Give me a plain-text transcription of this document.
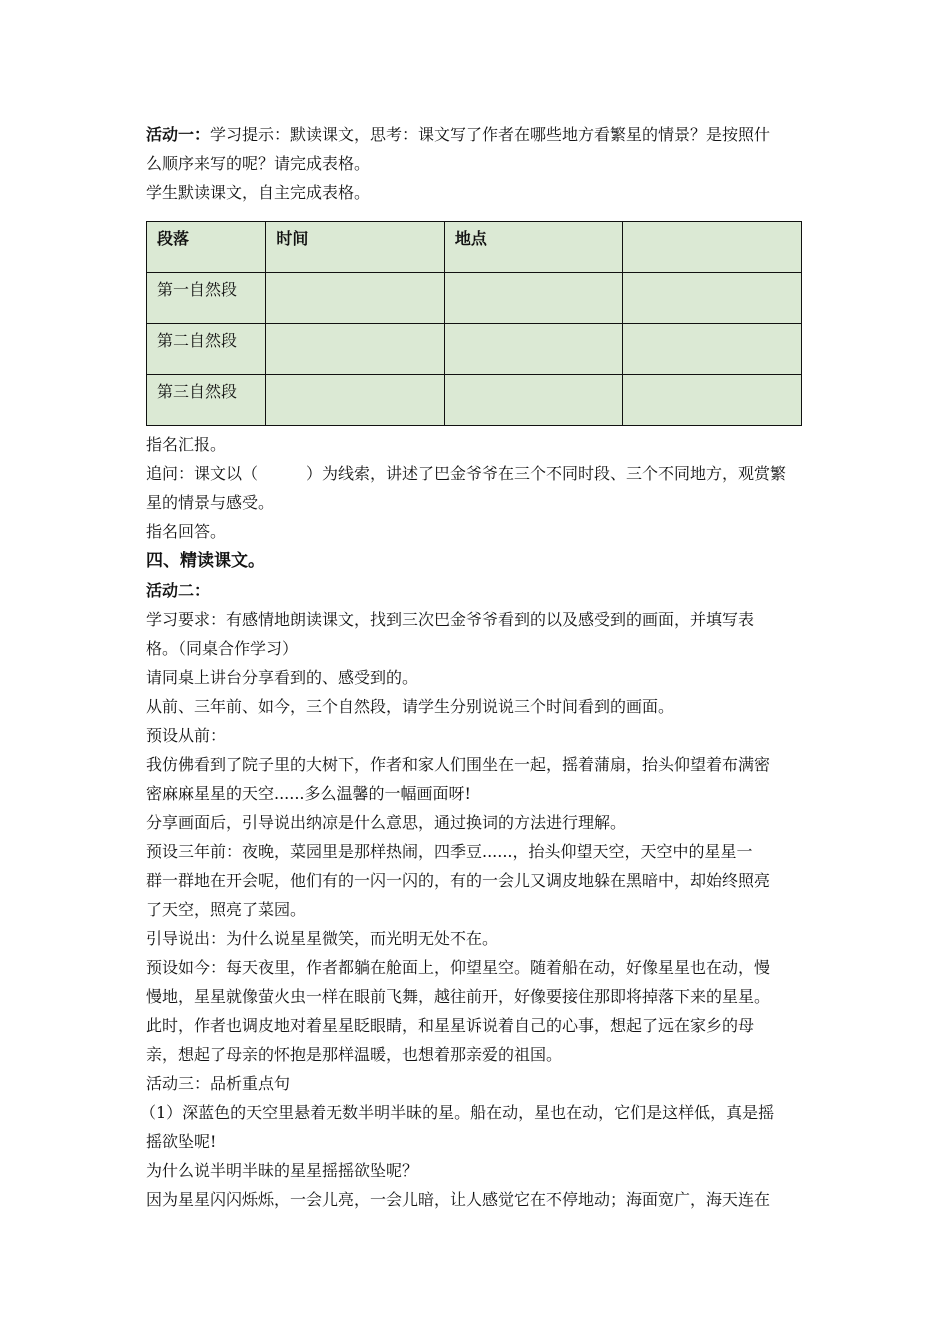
活动一：学习提示：默读课文，思考：课文写了作者在哪些地方看繁星的情景？是按照什

么顺序来写的呢？请完成表格。

学生默读课文，自主完成表格。

段落	时间	地点	
第一自然段			
第二自然段			
第三自然段			

指名汇报。

追问：课文以（　　　）为线索，讲述了巴金爷爷在三个不同时段、三个不同地方，观赏繁

星的情景与感受。

指名回答。

四、精读课文。

活动二：

学习要求：有感情地朗读课文，找到三次巴金爷爷看到的以及感受到的画面，并填写表

格。（同桌合作学习）

请同桌上讲台分享看到的、感受到的。

从前、三年前、如今，三个自然段，请学生分别说说三个时间看到的画面。

预设从前：

我仿佛看到了院子里的大树下，作者和家人们围坐在一起，摇着蒲扇，抬头仰望着布满密

密麻麻星星的天空......多么温馨的一幅画面呀!

分享画面后，引导说出纳凉是什么意思，通过换词的方法进行理解。

预设三年前：夜晚，菜园里是那样热闹，四季豆......，抬头仰望天空，天空中的星星一

群一群地在开会呢，他们有的一闪一闪的，有的一会儿又调皮地躲在黑暗中，却始终照亮

了天空，照亮了菜园。

引导说出：为什么说星星微笑，而光明无处不在。

预设如今：每天夜里，作者都躺在舱面上，仰望星空。随着船在动，好像星星也在动，慢

慢地，星星就像萤火虫一样在眼前飞舞，越往前开，好像要接住那即将掉落下来的星星。

此时，作者也调皮地对着星星眨眼睛，和星星诉说着自己的心事，想起了远在家乡的母

亲，想起了母亲的怀抱是那样温暖，也想着那亲爱的祖国。

活动三：品析重点句

（1）深蓝色的天空里悬着无数半明半昧的星。船在动，星也在动，它们是这样低，真是摇

摇欲坠呢!

为什么说半明半昧的星星摇摇欲坠呢？

因为星星闪闪烁烁，一会儿亮，一会儿暗，让人感觉它在不停地动；海面宽广，海天连在
